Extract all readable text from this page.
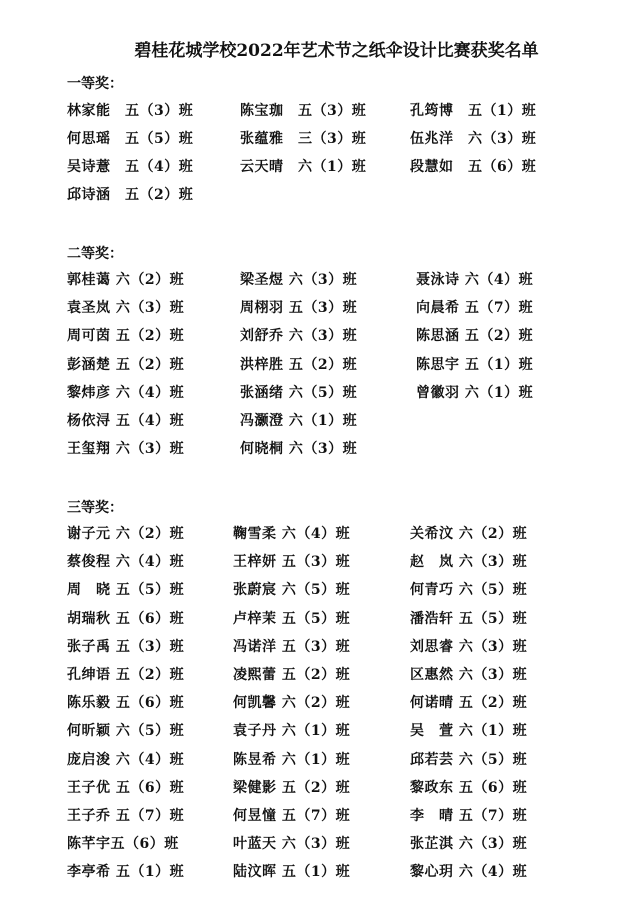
碧桂花城学校2022年艺术节之纸伞设计比赛获奖名单
一等奖：
林家能　五（3）班	陈宝珈　五（3）班	孔筠博　五（1）班
何思瑶　五（5）班	张蕴雅　三（3）班	伍兆洋　六（3）班
吴诗薏　五（4）班	云天晴　六（1）班	段慧如　五（6）班
邱诗涵　五（2）班
二等奖：
郭桂蔼 六（2）班	梁圣煜 六（3）班	聂泳诗 六（4）班
袁圣岚 六（3）班	周栩羽 五（3）班	向晨希 五（7）班
周可茵 五（2）班	刘舒乔 六（3）班	陈思涵 五（2）班
彭涵楚 五（2）班	洪梓胜 五（2）班	陈思宇 五（1）班
黎炜彦 六（4）班	张涵绪 六（5）班	曾徽羽 六（1）班
杨依浔 五（4）班	冯灏澄 六（1）班
王玺翔 六（3）班	何晓桐 六（3）班
三等奖：
谢子元 六（2）班	鞠雪柔 六（4）班	关希汶 六（2）班
蔡俊程 六（4）班	王梓妍 五（3）班	赵　岚 六（3）班
周　晓 五（5）班	张蔚宸 六（5）班	何青巧 六（5）班
胡瑞秋 五（6）班	卢梓茉 五（5）班	潘浩轩 五（5）班
张子禹 五（3）班	冯诺洋 五（3）班	刘思睿 六（3）班
孔绅语 五（2）班	凌熙蕾 五（2）班	区惠然 六（3）班
陈乐毅 五（6）班	何凯馨 六（2）班	何诺晴 五（2）班
何昕颖 六（5）班	袁子丹 六（1）班	吴　萱 六（1）班
庞启浚 六（4）班	陈昱希 六（1）班	邱若芸 六（5）班
王子优 五（6）班	梁健影 五（2）班	黎政东 五（6）班
王子乔 五（7）班	何昱憧 五（7）班	李　晴 五（7）班
陈芊宇五（6）班	叶蓝天 六（3）班	张芷淇 六（3）班
李亭希 五（1）班	陆汶晖 五（1）班	黎心玥 六（4）班
